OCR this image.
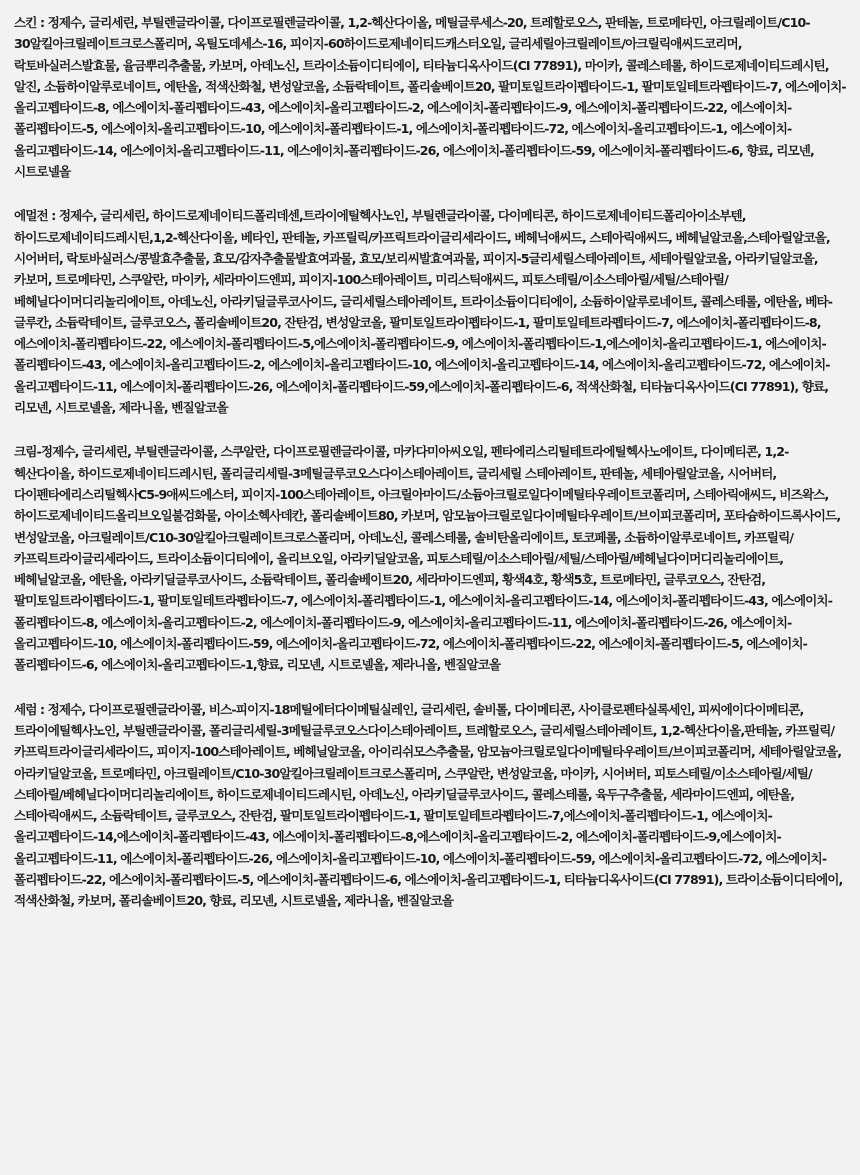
스킨 : 정제수, 글리세린, 부틸렌글라이콜, 다이프로필렌글라이콜, 1,2-헥산다이올, 메틸글루세스-20, 트레할로오스, 판테놀, 트로메타민, 아크릴레이트/C10-30알킬아크릴레이트크로스폴리머, 옥틸도데세스-16, 피이지-60하이드로제네이티드캐스터오일, 글리세릴아크릴레이트/아크릴릭애씨드코리머, 락토바실러스발효물, 율금뿌리추출물, 카보머, 아데노신, 트라이소듐이디티에이, 티타늄디옥사이드(CI 77891), 마이카, 콜레스테롤, 하이드로제네이티드레시틴, 알진, 소듐하이알루로네이트, 에탄올, 적색산화철, 변성알코올, 소듐락테이트, 폴리솔베이트20, 팔미토일트라이펩타이드-1, 팔미토일테트라펩타이드-7, 에스에이치-올리고펩타이드-8, 에스에이치-폴리펩타이드-43, 에스에이치-올리고펩타이드-2, 에스에이치-폴리펩타이드-9, 에스에이치-폴리펩타이드-22, 에스에이치-폴리펩타이드-5, 에스에이치-올리고펩타이드-10, 에스에이치-폴리펩타이드-1, 에스에이치-폴리펩타이드-72, 에스에이치-올리고펩타이드-1, 에스에이치-올리고펩타이드-14, 에스에이치-올리고펩타이드-11, 에스에이치-폴리펩타이드-26, 에스에이치-폴리펩타이드-59, 에스에이치-폴리펩타이드-6, 향료, 리모넨,시트로넬올

에멀전 : 정제수, 글리세린, 하이드로제네이티드폴리데센,트라이에틸헥사노인, 부틸렌글라이콜, 다이메티콘, 하이드로제네이티드폴리아이소부텐, 하이드로제네이티드레시틴,1,2-헥산다이올, 베타인, 판테놀, 카프릴릭/카프릭트라이글리세라이드, 베헤닉애씨드, 스테아릭애씨드, 베헤닐알코올,스테아릴알코올, 시어버터, 락토바실러스/콩발효추출물, 효모/감자추출물발효여과물, 효모/보리씨발효여과물, 피이지-5글리세릴스테아레이트, 세테아릴알코올, 아라키딜알코올,카보머, 트로메타민, 스쿠알란, 마이카, 세라마이드엔피, 피이지-100스테아레이트, 미리스틱애씨드, 피토스테릴/이소스테아릴/세틸/스테아릴/베헤닐다이머디리놀리에이트, 아데노신, 아라키딜글루코사이드, 글리세릴스테아레이트, 트라이소듐이디티에이, 소듐하이알루로네이트, 콜레스테롤, 에탄올, 베타-글루칸, 소듐락테이트, 글루코오스, 폴리솔베이트20, 잔탄검, 변성알코올, 팔미토일트라이펩타이드-1, 팔미토일테트라펩타이드-7, 에스에이치-폴리펩타이드-8, 에스에이치-폴리펩타이드-22, 에스에이치-폴리펩타이드-5,에스에이치-폴리펩타이드-9, 에스에이치-폴리펩타이드-1,에스에이치-올리고펩타이드-1, 에스에이치-폴리펩타이드-43, 에스에이치-올리고펩타이드-2, 에스에이치-올리고펩타이드-10, 에스에이치-올리고펩타이드-14, 에스에이치-올리고펩타이드-72, 에스에이치-올리고펩타이드-11, 에스에이치-폴리펩타이드-26, 에스에이치-폴리펩타이드-59,에스에이치-폴리펩타이드-6, 적색산화철, 티타늄디옥사이드(CI 77891), 향료, 리모넨, 시트로넬올, 제라니올, 벤질알코올

크림-정제수, 글리세린, 부틸렌글라이콜, 스쿠알란, 다이프로필렌글라이콜, 마카다미아씨오일, 펜타에리스리틸테트라에틸헥사노에이트, 다이메티콘, 1,2-헥산다이올, 하이드로제네이티드레시틴, 폴리글리세릴-3메틸글루코오스다이스테아레이트, 글리세릴 스테아레이트, 판테놀, 세테아릴알코올, 시어버터, 다이펜타에리스리틸헥사C5-9애씨드에스터, 피이지-100스테아레이트, 아크릴아마이드/소듐아크릴로일다이메틸타우레이트코폴리머, 스테아릭애씨드, 비즈왁스, 하이드로제네이티드올리브오일불검화물, 아이소헥사데칸, 폴리솔베이트80, 카보머, 암모늄아크릴로일다이메틸타우레이트/브이피코폴리머, 포타슘하이드록사이드, 변성알코올, 아크릴레이트/C10-30알킬아크릴레이트크로스폴리머, 아데노신, 콜레스테롤, 솔비탄올리에이트, 토코페롤, 소듐하이알루로네이트, 카프릴릭/카프릭트라이글리세라이드, 트라이소듐이디티에이, 올리브오일, 아라키딜알코올, 피토스테릴/이소스테아릴/세틸/스테아릴/베헤닐다이머디리놀리에이트, 베헤닐알코올, 에탄올, 아라키딜글루코사이드, 소듐락테이트, 폴리솔베이트20, 세라마이드엔피, 황색4호, 황색5호, 트로메타민, 글루코오스, 잔탄검, 팔미토일트라이펩타이드-1, 팔미토일테트라펩타이드-7, 에스에이치-폴리펩타이드-1, 에스에이치-올리고펩타이드-14, 에스에이치-폴리펩타이드-43, 에스에이치-폴리펩타이드-8, 에스에이치-올리고펩타이드-2, 에스에이치-폴리펩타이드-9, 에스에이치-올리고펩타이드-11, 에스에이치-폴리펩타이드-26, 에스에이치-올리고펩타이드-10, 에스에이치-폴리펩타이드-59, 에스에이치-올리고펩타이드-72, 에스에이치-폴리펩타이드-22, 에스에이치-폴리펩타이드-5, 에스에이치-폴리펩타이드-6, 에스에이치-올리고펩타이드-1,향료, 리모넨, 시트로넬올, 제라니올, 벤질알코올

세럼 : 정제수, 다이프로필렌글라이콜, 비스-피이지-18메틸에터다이메틸실레인, 글리세린, 솔비톨, 다이메티콘, 사이클로펜타실록세인, 피씨에이다이메티콘, 트라이에틸헥사노인, 부틸렌글라이콜, 폴리글리세릴-3메틸글루코오스다이스테아레이트, 트레할로오스, 글리세릴스테아레이트, 1,2-헥산다이올,판테놀, 카프릴릭/카프릭트라이글리세라이드, 피이지-100스테아레이트, 베헤닐알코올, 아이리쉬모스추출물, 암모늄아크릴로일다이메틸타우레이트/브이피코폴리머, 세테아릴알코올,아라키딜알코올, 트로메타민, 아크릴레이트/C10-30알킬아크릴레이트크로스폴리머, 스쿠알란, 변성알코올, 마이카, 시어버터, 피토스테릴/이소스테아릴/세틸/스테아릴/베헤닐다이머디리놀리에이트, 하이드로제네이티드레시틴, 아데노신, 아라키딜글루코사이드, 콜레스테롤, 육두구추출물, 세라마이드엔피, 에탄올, 스테아릭애씨드, 소듐락테이트, 글루코오스, 잔탄검, 팔미토일트라이펩타이드-1, 팔미토일테트라펩타이드-7,에스에이치-폴리펩타이드-1, 에스에이치-올리고펩타이드-14,에스에이치-폴리펩타이드-43, 에스에이치-폴리펩타이드-8,에스에이치-올리고펩타이드-2, 에스에이치-폴리펩타이드-9,에스에이치-올리고펩타이드-11, 에스에이치-폴리펩타이드-26, 에스에이치-올리고펩타이드-10, 에스에이치-폴리펩타이드-59, 에스에이치-올리고펩타이드-72, 에스에이치-폴리펩타이드-22, 에스에이치-폴리펩타이드-5, 에스에이치-폴리펩타이드-6, 에스에이치-올리고펩타이드-1, 티타늄디옥사이드(CI 77891), 트라이소듐이디티에이, 적색산화철, 카보머, 폴리솔베이트20, 향료, 리모넨, 시트로넬올, 제라니올, 벤질알코올
